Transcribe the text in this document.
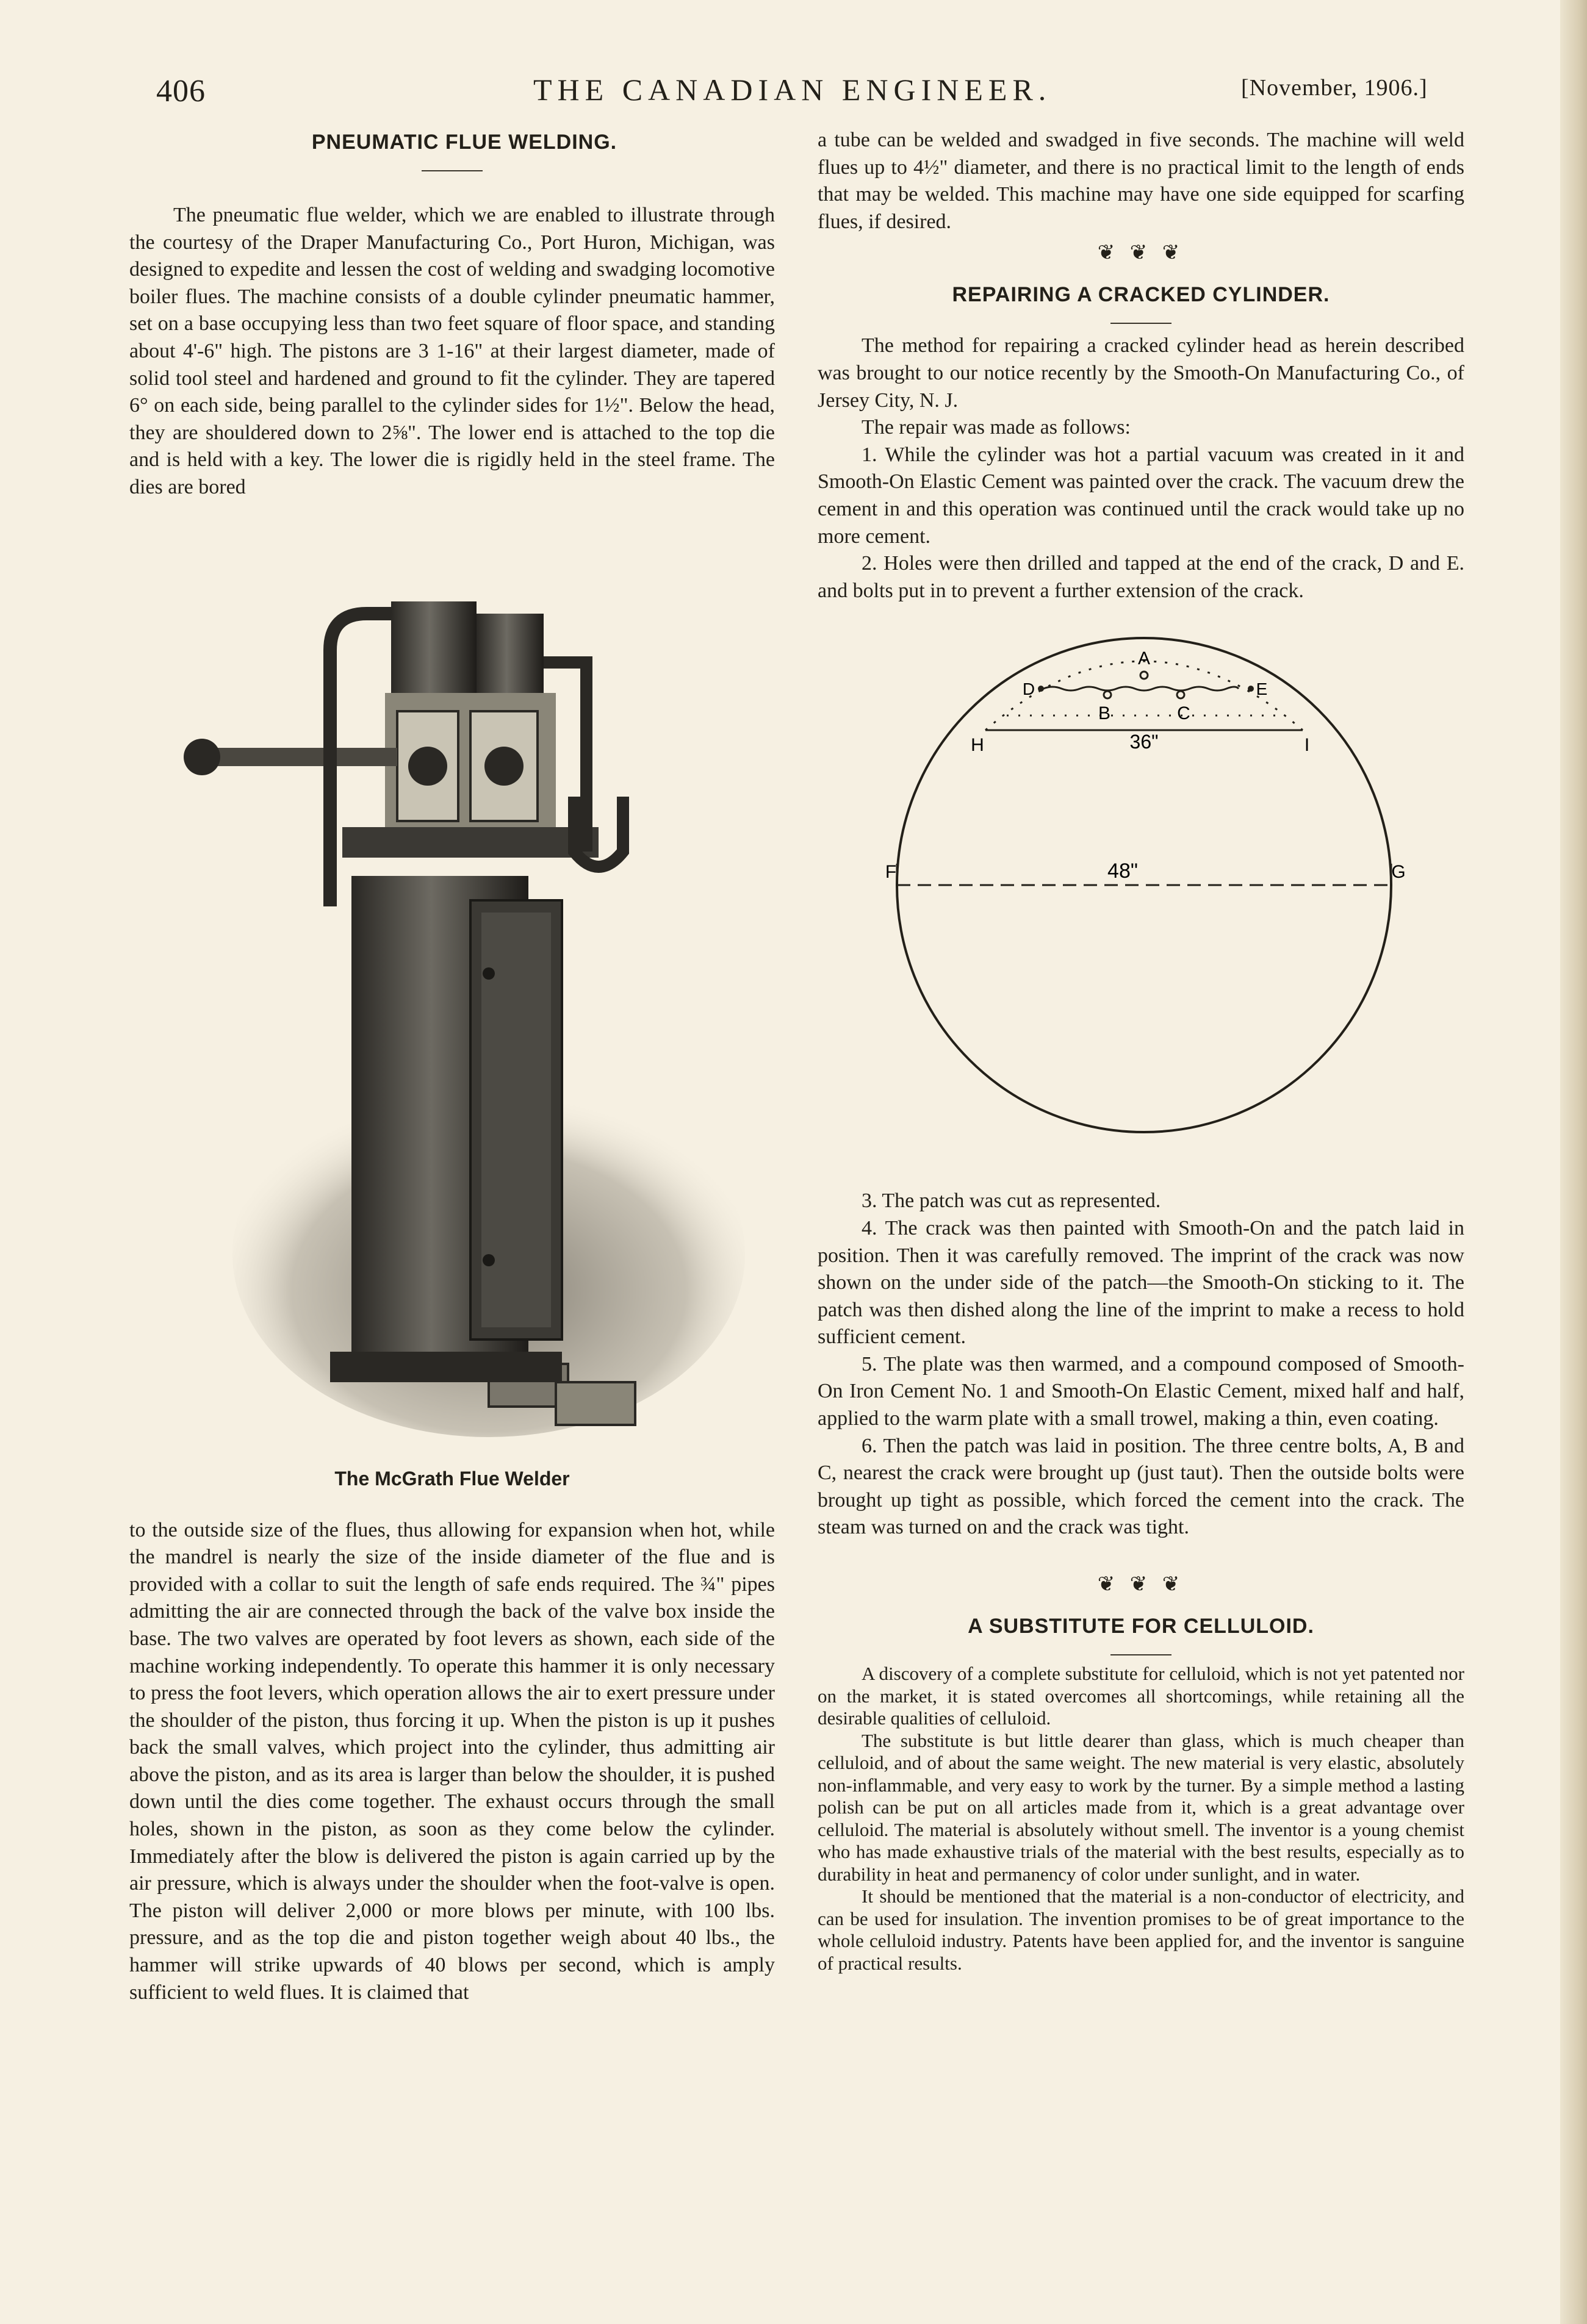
406	THE CANADIAN ENGINEER.	[November, 1906.]

PNEUMATIC FLUE WELDING.

The pneumatic flue welder, which we are enabled to illustrate through the courtesy of the Draper Manufacturing Co., Port Huron, Michigan, was designed to expedite and lessen the cost of welding and swadging locomotive boiler flues. The machine consists of a double cylinder pneumatic hammer, set on a base occupying less than two feet square of floor space, and standing about 4'-6" high. The pistons are 3 1-16" at their largest diameter, made of solid tool steel and hardened and ground to fit the cylinder. They are tapered 6° on each side, being parallel to the cylinder sides for 1½". Below the head, they are shouldered down to 2⅝". The lower end is attached to the top die and is held with a key. The lower die is rigidly held in the steel frame. The dies are bored

The McGrath Flue Welder

to the outside size of the flues, thus allowing for expansion when hot, while the mandrel is nearly the size of the inside diameter of the flue and is provided with a collar to suit the length of safe ends required. The ¾" pipes admitting the air are connected through the back of the valve box inside the base. The two valves are operated by foot levers as shown, each side of the machine working independently. To operate this hammer it is only necessary to press the foot levers, which operation allows the air to exert pressure under the shoulder of the piston, thus forcing it up. When the piston is up it pushes back the small valves, which project into the cylinder, thus admitting air above the piston, and as its area is larger than below the shoulder, it is pushed down until the dies come together. The exhaust occurs through the small holes, shown in the piston, as soon as they come below the cylinder. Immediately after the blow is delivered the piston is again carried up by the air pressure, which is always under the shoulder when the foot-valve is open. The piston will deliver 2,000 or more blows per minute, with 100 lbs. pressure, and as the top die and piston together weigh about 40 lbs., the hammer will strike upwards of 40 blows per second, which is amply sufficient to weld flues. It is claimed that

a tube can be welded and swadged in five seconds. The machine will weld flues up to 4½" diameter, and there is no practical limit to the length of ends that may be welded. This machine may have one side equipped for scarfing flues, if desired.

❦ ❦ ❦

REPAIRING A CRACKED CYLINDER.

The method for repairing a cracked cylinder head as herein described was brought to our notice recently by the Smooth-On Manufacturing Co., of Jersey City, N. J.

The repair was made as follows:

1. While the cylinder was hot a partial vacuum was created in it and Smooth-On Elastic Cement was painted over the crack. The vacuum drew the cement in and this operation was continued until the crack would take up no more cement.

2. Holes were then drilled and tapped at the end of the crack, D and E. and bolts put in to prevent a further extension of the crack.

A
B	C
D	E
F	G
H	I
36"
48"

3. The patch was cut as represented.

4. The crack was then painted with Smooth-On and the patch laid in position. Then it was carefully removed. The imprint of the crack was now shown on the under side of the patch—the Smooth-On sticking to it. The patch was then dished along the line of the imprint to make a recess to hold sufficient cement.

5. The plate was then warmed, and a compound composed of Smooth-On Iron Cement No. 1 and Smooth-On Elastic Cement, mixed half and half, applied to the warm plate with a small trowel, making a thin, even coating.

6. Then the patch was laid in position. The three centre bolts, A, B and C, nearest the crack were brought up (just taut). Then the outside bolts were brought up tight as possible, which forced the cement into the crack. The steam was turned on and the crack was tight.

❦ ❦ ❦

A SUBSTITUTE FOR CELLULOID.

A discovery of a complete substitute for celluloid, which is not yet patented nor on the market, it is stated overcomes all shortcomings, while retaining all the desirable qualities of celluloid.

The substitute is but little dearer than glass, which is much cheaper than celluloid, and of about the same weight. The new material is very elastic, absolutely non-inflammable, and very easy to work by the turner. By a simple method a lasting polish can be put on all articles made from it, which is a great advantage over celluloid. The material is absolutely without smell. The inventor is a young chemist who has made exhaustive trials of the material with the best results, especially as to durability in heat and permanency of color under sunlight, and in water.

It should be mentioned that the material is a non-conductor of electricity, and can be used for insulation. The invention promises to be of great importance to the whole celluloid industry. Patents have been applied for, and the inventor is sanguine of practical results.
